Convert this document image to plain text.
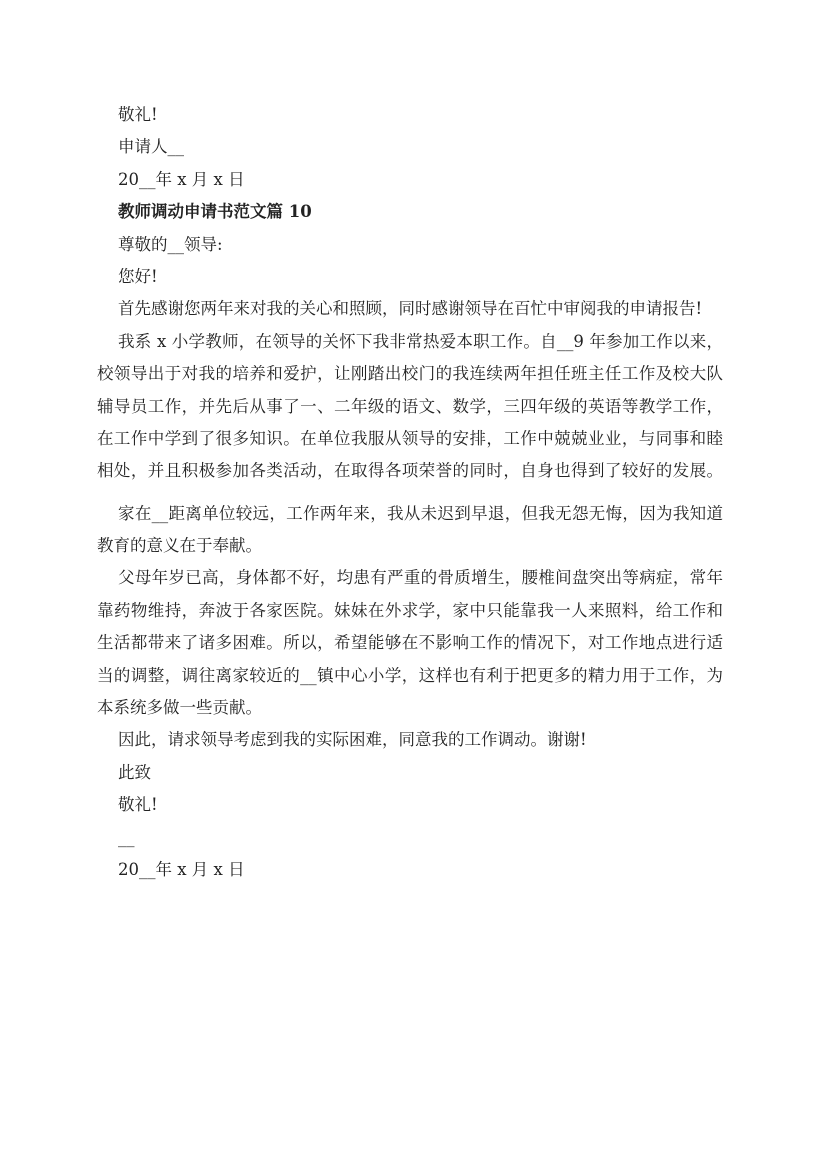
敬礼!
申请人__
20__年 x 月 x 日
教师调动申请书范文篇 10
尊敬的__领导:
您好!
首先感谢您两年来对我的关心和照顾，同时感谢领导在百忙中审阅我的申请报告!
我系 x 小学教师，在领导的关怀下我非常热爱本职工作。自__9 年参加工作以来，
校领导出于对我的培养和爱护，让刚踏出校门的我连续两年担任班主任工作及校大队
辅导员工作，并先后从事了一、二年级的语文、数学，三四年级的英语等教学工作，
在工作中学到了很多知识。在单位我服从领导的安排，工作中兢兢业业，与同事和睦
相处，并且积极参加各类活动，在取得各项荣誉的同时，自身也得到了较好的发展。
家在__距离单位较远，工作两年来，我从未迟到早退，但我无怨无悔，因为我知道
教育的意义在于奉献。
父母年岁已高，身体都不好，均患有严重的骨质增生，腰椎间盘突出等病症，常年
靠药物维持，奔波于各家医院。妹妹在外求学，家中只能靠我一人来照料，给工作和
生活都带来了诸多困难。所以，希望能够在不影响工作的情况下，对工作地点进行适
当的调整，调往离家较近的__镇中心小学，这样也有利于把更多的精力用于工作，为
本系统多做一些贡献。
因此，请求领导考虑到我的实际困难，同意我的工作调动。谢谢!
此致
敬礼!
__
20__年 x 月 x 日
